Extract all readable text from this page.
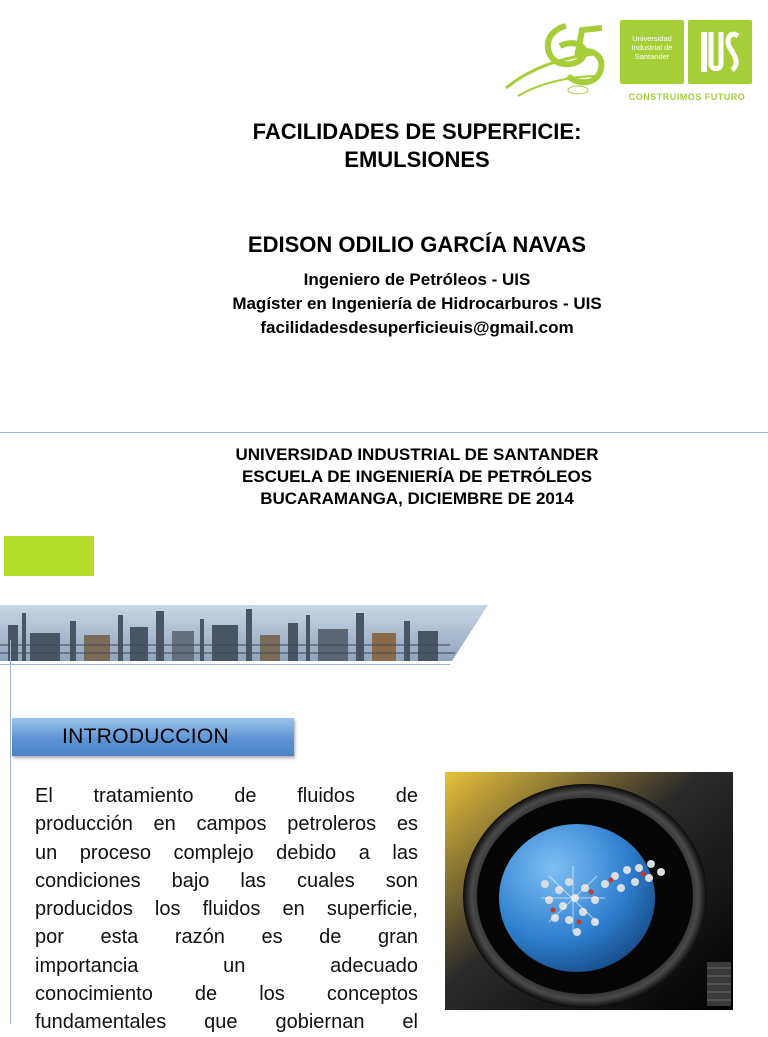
Universidad
Industrial de
Santander
CONSTRUIMOS FUTURO
FACILIDADES DE SUPERFICIE:
EMULSIONES
EDISON ODILIO GARCÍA NAVAS
Ingeniero de Petróleos - UIS
Magíster en Ingeniería de Hidrocarburos - UIS
facilidadesdesuperficieuis@gmail.com
UNIVERSIDAD INDUSTRIAL DE SANTANDER
ESCUELA DE INGENIERÍA DE PETRÓLEOS
BUCARAMANGA, DICIEMBRE DE 2014
INTRODUCCION
El tratamiento de fluidos de
producción en campos petroleros es
un proceso complejo debido a las
condiciones bajo las cuales son
producidos los fluidos en superficie,
por esta razón es de gran
importancia un adecuado
conocimiento de los conceptos
fundamentales que gobiernan el
